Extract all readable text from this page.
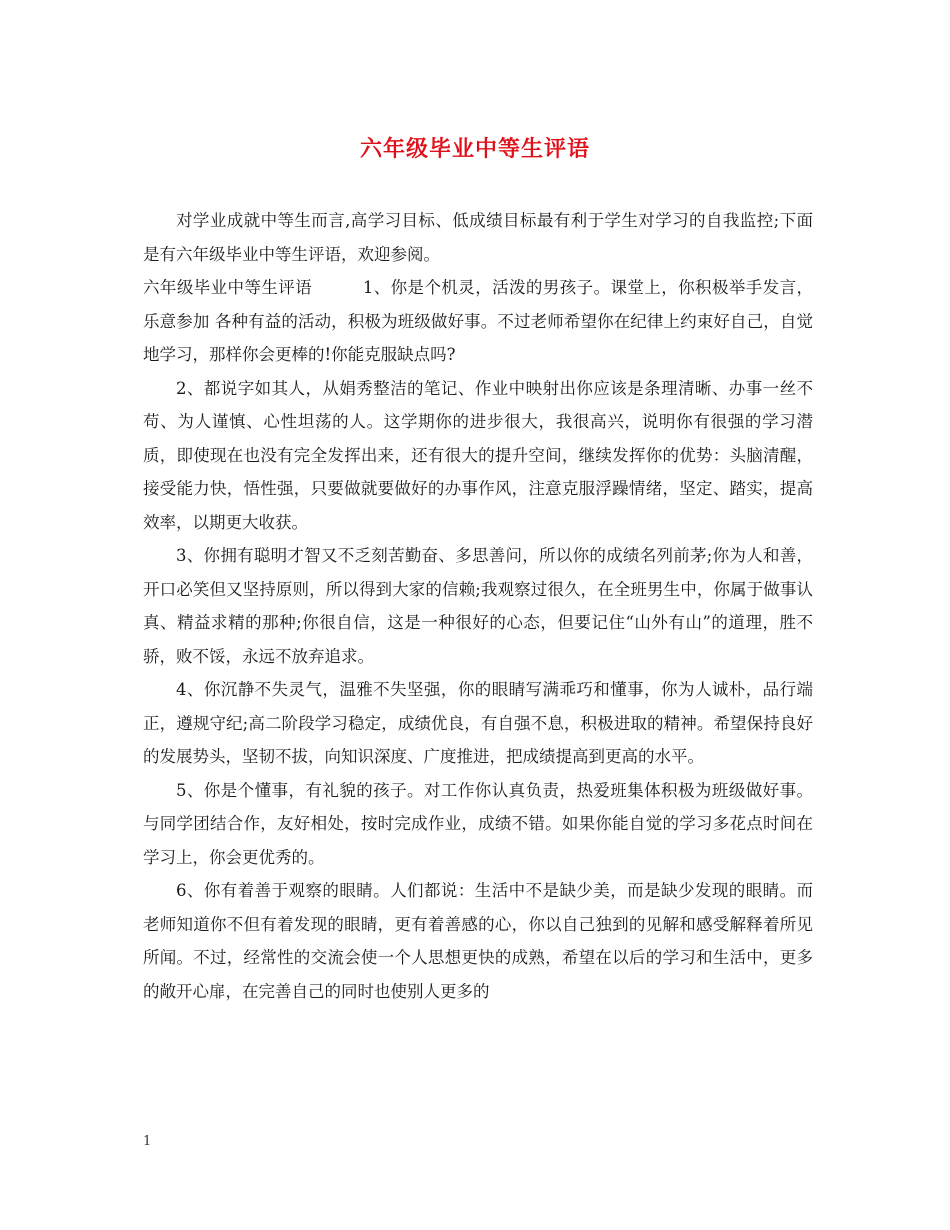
六年级毕业中等生评语

对学业成就中等生而言,高学习目标、低成绩目标最有利于学生对学习的自我监控;下面是有六年级毕业中等生评语，欢迎参阅。

六年级毕业中等生评语　　　1、你是个机灵，活泼的男孩子。课堂上，你积极举手发言，乐意参加 各种有益的活动，积极为班级做好事。不过老师希望你在纪律上约束好自己，自觉地学习，那样你会更棒的!你能克服缺点吗?

2、都说字如其人，从娟秀整洁的笔记、作业中映射出你应该是条理清晰、办事一丝不苟、为人谨慎、心性坦荡的人。这学期你的进步很大，我很高兴，说明你有很强的学习潜质，即使现在也没有完全发挥出来，还有很大的提升空间，继续发挥你的优势：头脑清醒，接受能力快，悟性强，只要做就要做好的办事作风，注意克服浮躁情绪，坚定、踏实，提高效率，以期更大收获。

3、你拥有聪明才智又不乏刻苦勤奋、多思善问，所以你的成绩名列前茅;你为人和善，开口必笑但又坚持原则，所以得到大家的信赖;我观察过很久，在全班男生中，你属于做事认真、精益求精的那种;你很自信，这是一种很好的心态，但要记住“山外有山”的道理，胜不骄，败不馁，永远不放弃追求。

4、你沉静不失灵气，温雅不失坚强，你的眼睛写满乖巧和懂事，你为人诚朴，品行端正，遵规守纪;高二阶段学习稳定，成绩优良，有自强不息，积极进取的精神。希望保持良好的发展势头，坚韧不拔，向知识深度、广度推进，把成绩提高到更高的水平。

5、你是个懂事，有礼貌的孩子。对工作你认真负责，热爱班集体积极为班级做好事。与同学团结合作，友好相处，按时完成作业，成绩不错。如果你能自觉的学习多花点时间在学习上，你会更优秀的。

6、你有着善于观察的眼睛。人们都说：生活中不是缺少美，而是缺少发现的眼睛。而老师知道你不但有着发现的眼睛，更有着善感的心，你以自己独到的见解和感受解释着所见所闻。不过，经常性的交流会使一个人思想更快的成熟，希望在以后的学习和生活中，更多的敞开心扉，在完善自己的同时也使别人更多的

1
